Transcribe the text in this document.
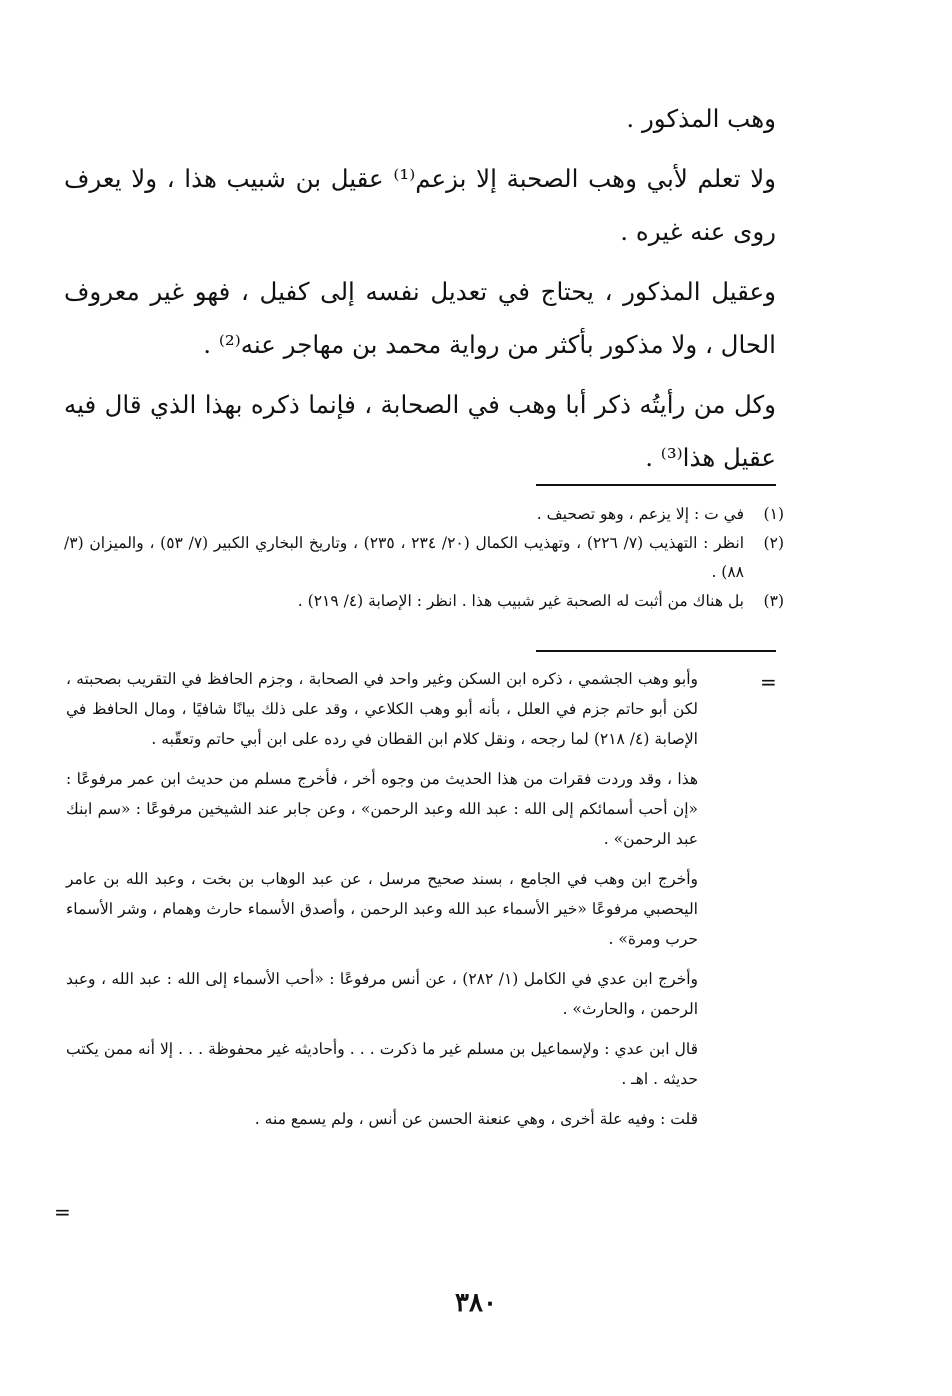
وهب المذكور .

ولا تعلم لأبي وهب الصحبة إلا بزعم⁽¹⁾ عقيل بن شبيب هذا ، ولا يعرف روى عنه غيره .

وعقيل المذكور ، يحتاج في تعديل نفسه إلى كفيل ، فهو غير معروف الحال ، ولا مذكور بأكثر من رواية محمد بن مهاجر عنه⁽²⁾ .

وكل من رأيتُه ذكر أبا وهب في الصحابة ، فإنما ذكره بهذا الذي قال فيه عقيل هذا⁽³⁾ .

(١)
في ت : إلا يزعم ، وهو تصحيف .
(٢)
انظر : التهذيب (٧/ ٢٢٦) ، وتهذيب الكمال (٢٠/ ٢٣٤ ، ٢٣٥) ، وتاريخ البخاري الكبير (٧/ ٥٣) ، والميزان (٣/ ٨٨) .
(٣)
بل هناك من أثبت له الصحبة غير شبيب هذا . انظر : الإصابة (٤/ ٢١٩) .
=

وأبو وهب الجشمي ، ذكره ابن السكن وغير واحد في الصحابة ، وجزم الحافظ في التقريب بصحبته ، لكن أبو حاتم جزم في العلل ، بأنه أبو وهب الكلاعي ، وقد على ذلك بيانًا شافيًا ، ومال الحافظ في الإصابة (٤/ ٢١٨) لما رجحه ، ونقل كلام ابن القطان في رده على ابن أبي حاتم وتعقّبه .

هذا ، وقد وردت فقرات من هذا الحديث من وجوه أخر ، فأخرج مسلم من حديث ابن عمر مرفوعًا : «إن أحب أسمائكم إلى الله : عبد الله وعبد الرحمن» ، وعن جابر عند الشيخين مرفوعًا : «سم ابنك عبد الرحمن» .

وأخرج ابن وهب في الجامع ، بسند صحيح مرسل ، عن عبد الوهاب بن بخت ، وعبد الله بن عامر اليحصبي مرفوعًا «خير الأسماء عبد الله وعبد الرحمن ، وأصدق الأسماء حارث وهمام ، وشر الأسماء حرب ومرة» .

وأخرج ابن عدي في الكامل (١/ ٢٨٢) ، عن أنس مرفوعًا : «أحب الأسماء إلى الله : عبد الله ، وعبد الرحمن ، والحارث» .

قال ابن عدي : ولإسماعيل بن مسلم غير ما ذكرت . . . وأحاديثه غير محفوظة . . . إلا أنه ممن يكتب حديثه . اهـ .

قلت : وفيه علة أخرى ، وهي عنعنة الحسن عن أنس ، ولم يسمع منه .

=
٣٨٠
